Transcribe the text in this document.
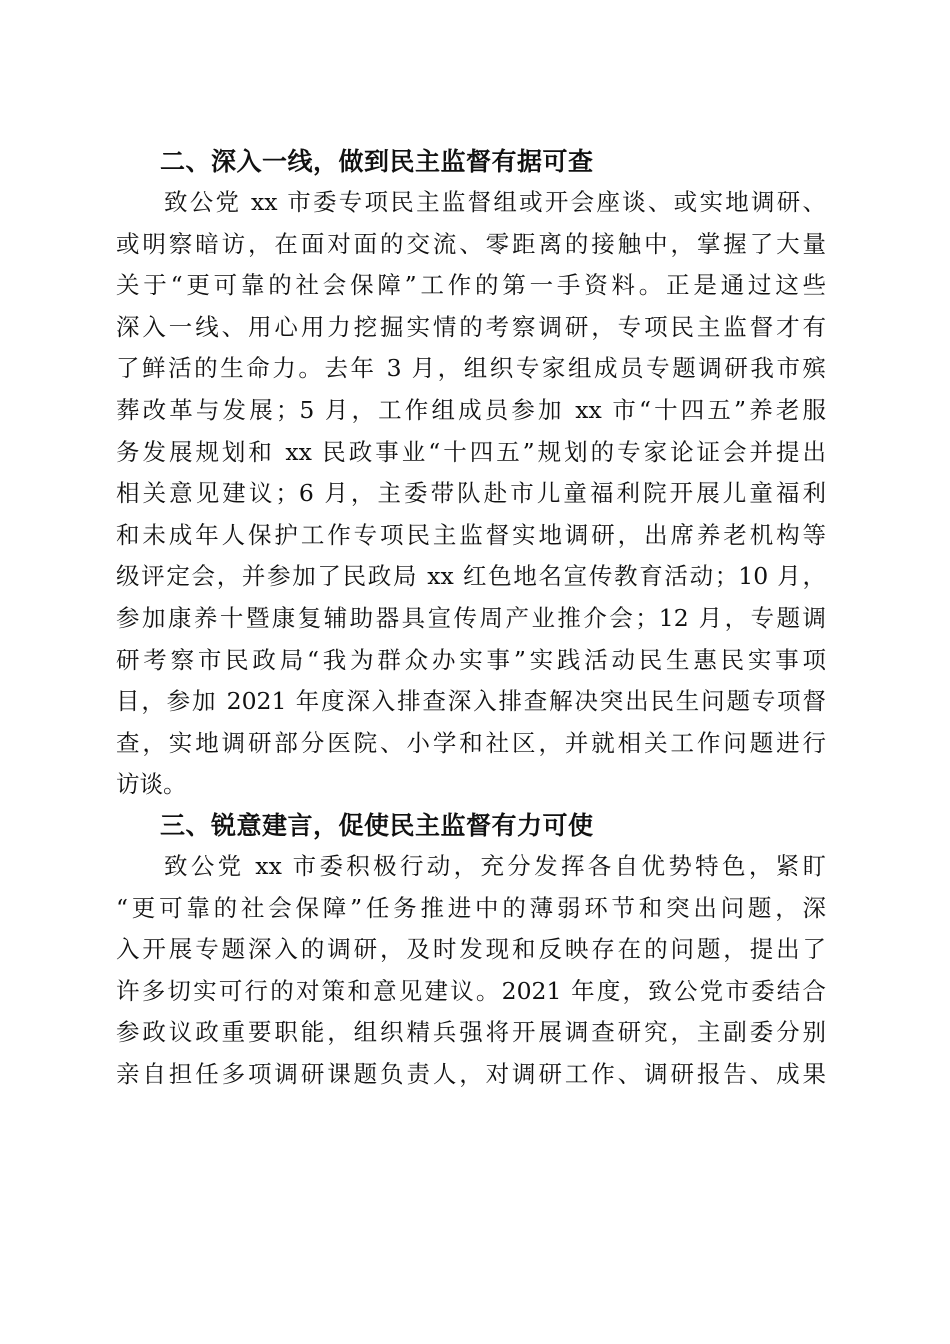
二、深入一线，做到民主监督有据可查

致公党 xx 市委专项民主监督组或开会座谈、或实地调研、

或明察暗访，在面对面的交流、零距离的接触中，掌握了大量

关于“更可靠的社会保障”工作的第一手资料。正是通过这些

深入一线、用心用力挖掘实情的考察调研，专项民主监督才有

了鲜活的生命力。去年 3 月，组织专家组成员专题调研我市殡

葬改革与发展；5 月，工作组成员参加 xx 市“十四五”养老服

务发展规划和 xx 民政事业“十四五”规划的专家论证会并提出

相关意见建议；6 月，主委带队赴市儿童福利院开展儿童福利

和未成年人保护工作专项民主监督实地调研，出席养老机构等

级评定会，并参加了民政局 xx 红色地名宣传教育活动；10 月，

参加康养十暨康复辅助器具宣传周产业推介会；12 月，专题调

研考察市民政局“我为群众办实事”实践活动民生惠民实事项

目，参加 2021 年度深入排查深入排查解决突出民生问题专项督

查，实地调研部分医院、小学和社区，并就相关工作问题进行

访谈。

三、锐意建言，促使民主监督有力可使

致公党 xx 市委积极行动，充分发挥各自优势特色，紧盯

“更可靠的社会保障”任务推进中的薄弱环节和突出问题，深

入开展专题深入的调研，及时发现和反映存在的问题，提出了

许多切实可行的对策和意见建议。2021 年度，致公党市委结合

参政议政重要职能，组织精兵强将开展调查研究，主副委分别

亲自担任多项调研课题负责人，对调研工作、调研报告、成果
